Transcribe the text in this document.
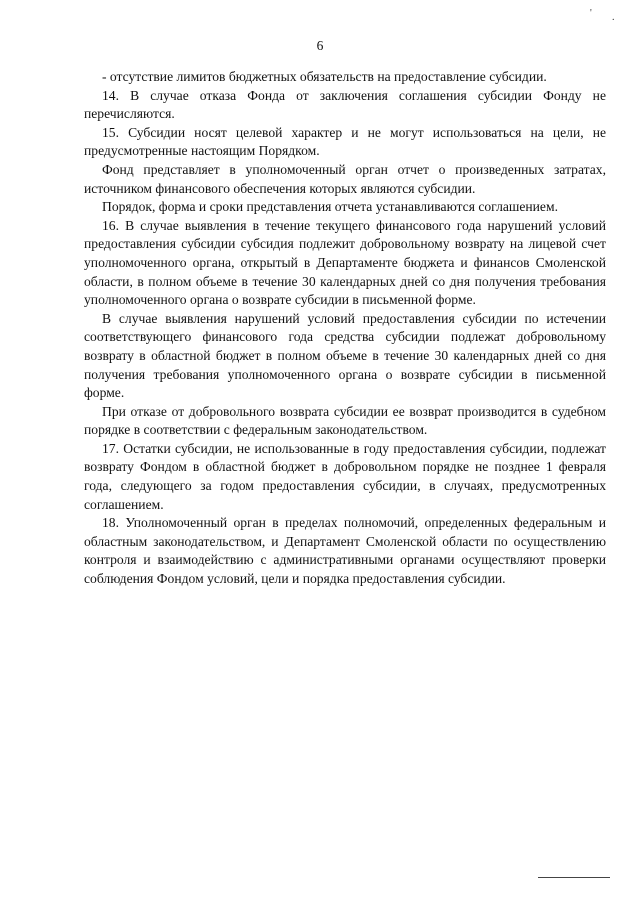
' .
6

- отсутствие лимитов бюджетных обязательств на предоставление субсидии.

14. В случае отказа Фонда от заключения соглашения субсидии Фонду не перечисляются.

15. Субсидии носят целевой характер и не могут использоваться на цели, не предусмотренные настоящим Порядком.

Фонд представляет в уполномоченный орган отчет о произведенных затратах, источником финансового обеспечения которых являются субсидии.

Порядок, форма и сроки представления отчета устанавливаются соглашением.

16. В случае выявления в течение текущего финансового года нарушений условий предоставления субсидии субсидия подлежит добровольному возврату на лицевой счет уполномоченного органа, открытый в Департаменте бюджета и финансов Смоленской области, в полном объеме в течение 30 календарных дней со дня получения требования уполномоченного органа о возврате субсидии в письменной форме.

В случае выявления нарушений условий предоставления субсидии по истечении соответствующего финансового года средства субсидии подлежат добровольному возврату в областной бюджет в полном объеме в течение 30 календарных дней со дня получения требования уполномоченного органа о возврате субсидии в письменной форме.

При отказе от добровольного возврата субсидии ее возврат производится в судебном порядке в соответствии с федеральным законодательством.

17. Остатки субсидии, не использованные в году предоставления субсидии, подлежат возврату Фондом в областной бюджет в добровольном порядке не позднее 1 февраля года, следующего за годом предоставления субсидии, в случаях, предусмотренных соглашением.

18. Уполномоченный орган в пределах полномочий, определенных федеральным и областным законодательством, и Департамент Смоленской области по осуществлению контроля и взаимодействию с административными органами осуществляют проверки соблюдения Фондом условий, цели и порядка предоставления субсидии.
